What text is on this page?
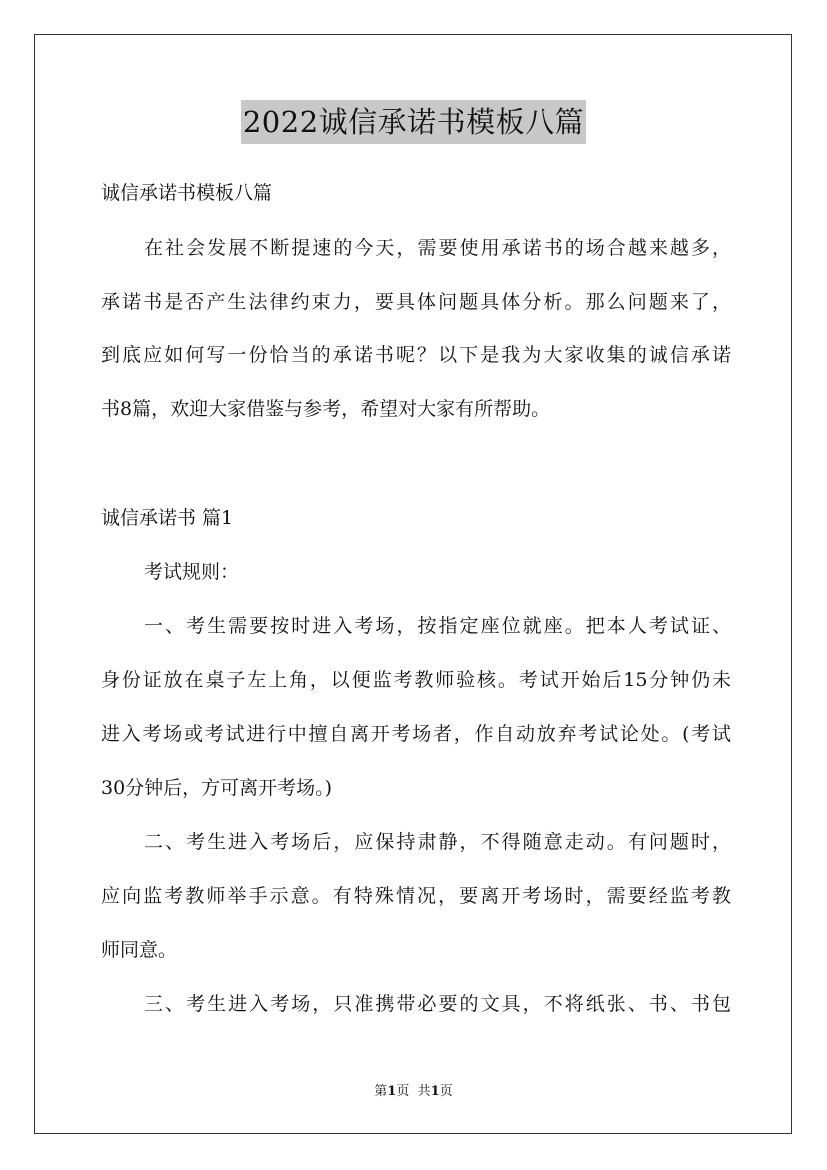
2022诚信承诺书模板八篇
诚信承诺书模板八篇
在社会发展不断提速的今天，需要使用承诺书的场合越来越多，
承诺书是否产生法律约束力，要具体问题具体分析。那么问题来了，
到底应如何写一份恰当的承诺书呢？以下是我为大家收集的诚信承诺
书8篇，欢迎大家借鉴与参考，希望对大家有所帮助。
诚信承诺书 篇1
考试规则：
一、考生需要按时进入考场，按指定座位就座。把本人考试证、
身份证放在桌子左上角，以便监考教师验核。考试开始后15分钟仍未
进入考场或考试进行中擅自离开考场者，作自动放弃考试论处。(考试
30分钟后，方可离开考场。)
二、考生进入考场后，应保持肃静，不得随意走动。有问题时，
应向监考教师举手示意。有特殊情况，要离开考场时，需要经监考教
师同意。
三、考生进入考场，只准携带必要的文具，不将纸张、书、书包
第1页 共1页
